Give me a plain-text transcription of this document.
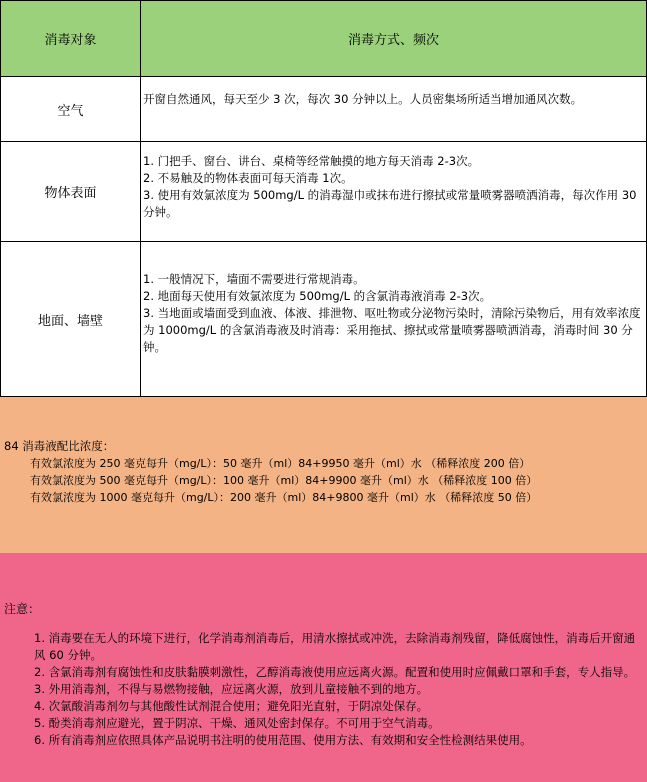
消毒对象	消毒方式、频次
空气
开窗自然通风，每天至少 3 次，每次 30 分钟以上。人员密集场所适当增加通风次数。
物体表面
1. 门把手、窗台、讲台、桌椅等经常触摸的地方每天消毒 2-3次。
2. 不易触及的物体表面可每天消毒 1次。
3. 使用有效氯浓度为 500mg/L 的消毒湿巾或抹布进行擦拭或常量喷雾器喷洒消毒，每次作用 30 分钟。
地面、墙壁
1. 一般情况下，墙面不需要进行常规消毒。
2. 地面每天使用有效氯浓度为 500mg/L 的含氯消毒液消毒 2-3次。
3. 当地面或墙面受到血液、体液、排泄物、呕吐物或分泌物污染时，清除污染物后，用有效率浓度为 1000mg/L 的含氯消毒液及时消毒：采用拖拭、擦拭或常量喷雾器喷洒消毒，消毒时间 30 分钟。
84 消毒液配比浓度：
有效氯浓度为 250 毫克每升（mg/L）：50 毫升（ml）84+9950 毫升（ml）水 （稀释浓度 200 倍）
有效氯浓度为 500 毫克每升（mg/L）：100 毫升（ml）84+9900 毫升（ml）水 （稀释浓度 100 倍）
有效氯浓度为 1000 毫克每升（mg/L）：200 毫升（ml）84+9800 毫升（ml）水 （稀释浓度 50 倍）
注意：
1. 消毒要在无人的环境下进行，化学消毒剂消毒后，用清水擦拭或冲洗，去除消毒剂残留，降低腐蚀性，消毒后开窗通风 60 分钟。
2. 含氯消毒剂有腐蚀性和皮肤黏膜刺激性，乙醇消毒液使用应远离火源。配置和使用时应佩戴口罩和手套，专人指导。
3. 外用消毒剂，不得与易燃物接触，应远离火源，放到儿童接触不到的地方。
4. 次氯酸消毒剂勿与其他酸性试剂混合使用；避免阳光直射，于阴凉处保存。
5. 酚类消毒剂应避光，置于阴凉、干燥、通风处密封保存。不可用于空气消毒。
6. 所有消毒剂应依照具体产品说明书注明的使用范围、使用方法、有效期和安全性检测结果使用。
